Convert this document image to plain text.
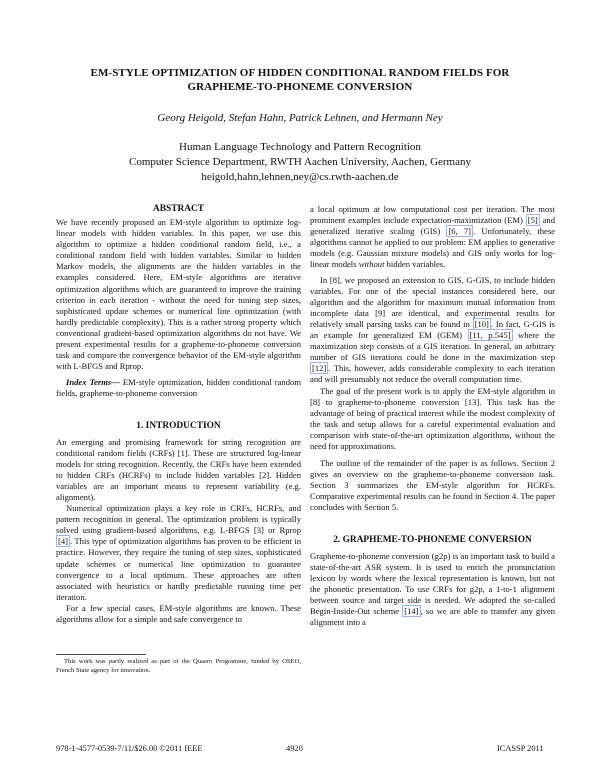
EM-STYLE OPTIMIZATION OF HIDDEN CONDITIONAL RANDOM FIELDS FOR
GRAPHEME-TO-PHONEME CONVERSION
Georg Heigold, Stefan Hahn, Patrick Lehnen, and Hermann Ney
Human Language Technology and Pattern Recognition
Computer Science Department, RWTH Aachen University, Aachen, Germany
heigold,hahn,lehnen,ney@cs.rwth-aachen.de
ABSTRACT

We have recently proposed an EM-style algorithm to optimize log-linear models with hidden variables. In this paper, we use this algorithm to optimize a hidden conditional random field, i.e., a conditional random field with hidden variables. Similar to hidden Markov models, the alignments are the hidden variables in the examples considered. Here, EM-style algorithms are iterative optimization algorithms which are guaranteed to improve the training criterion in each iteration - without the need for tuning step sizes, sophisticated update schemes or numerical line optimization (with hardly predictable complexity). This is a rather strong property which conventional gradient-based optimization algorithms do not have. We present experimental results for a grapheme-to-phoneme conversion task and compare the convergence behavior of the EM-style algorithm with L-BFGS and Rprop.

Index Terms— EM-style optimization, hidden conditional random fields, grapheme-to-phoneme conversion

1. INTRODUCTION

An emerging and promising framework for string recognition are conditional random fields (CRFs) [1]. These are structured log-linear models for string recognition. Recently, the CRFs have been extended to hidden CRFs (HCRFs) to include hidden variables [2]. Hidden variables are an important means to represent variability (e.g. alignment).

Numerical optimization plays a key role in CRFs, HCRFs, and pattern recognition in general. The optimization problem is typically solved using gradient-based algorithms, e.g. L-BFGS [3] or Rprop [4] . This type of optimization algorithms has proven to be efficient in practice. However, they require the tuning of step sizes, sophisticated update schemes or numerical line optimization to guarantee convergence to a local optimum. These approaches are often associated with heuristics or hardly predictable running time per iteration.

For a few special cases, EM-style algorithms are known. These algorithms allow for a simple and safe convergence to

This work was partly realized as part of the Quaero Programme, funded by OSEO, French State agency for innovation.

a local optimum at low computational cost per iteration. The most prominent examples include expectation-maximization (EM) [5] and generalized iterative scaling (GIS) [6, 7] . Unfortunately, these algorithms cannot be applied to our problem: EM applies to generative models (e.g. Gaussian mixture models) and GIS only works for log-linear models without hidden variables.

In [8], we proposed an extension to GIS, G-GIS, to include hidden variables. For one of the special instances considered here, our algorithm and the algorithm for maximum mutual information from incomplete data [9] are identical, and experimental results for relatively small parsing tasks can be found in [10] . In fact, G-GIS is an example for generalized EM (GEM) [11, p.545] where the maximization step consists of a GIS iteration. In general, an arbitrary number of GIS iterations could be done in the maximization step [12] . This, however, adds considerable complexity to each iteration and will presumably not reduce the overall computation time.

The goal of the present work is to apply the EM-style algorithm in [8] to grapheme-to-phoneme conversion [13]. This task has the advantage of being of practical interest while the modest complexity of the task and setup allows for a careful experimental evaluation and comparison with state-of-the-art optimization algorithms, without the need for approximations.

The outline of the remainder of the paper is as follows. Section 2 gives an overview on the grapheme-to-phoneme conversion task. Section 3 summarizes the EM-style algorithm for HCRFs. Comparative experimental results can be found in Section 4. The paper concludes with Section 5.

2. GRAPHEME-TO-PHONEME CONVERSION

Grapheme-to-phoneme conversion (g2p) is an important task to build a state-of-the-art ASR system. It is used to enrich the pronunciation lexicon by words where the lexical representation is known, but not the phonetic presentation. To use CRFs for g2p, a 1-to-1 alignment between source and target side is needed. We adopted the so-called Begin-Inside-Out scheme [14] , so we are able to transfer any given alignment into a

978-1-4577-0539-7/11/$26.00 ©2011 IEEE	4920	ICASSP 2011
